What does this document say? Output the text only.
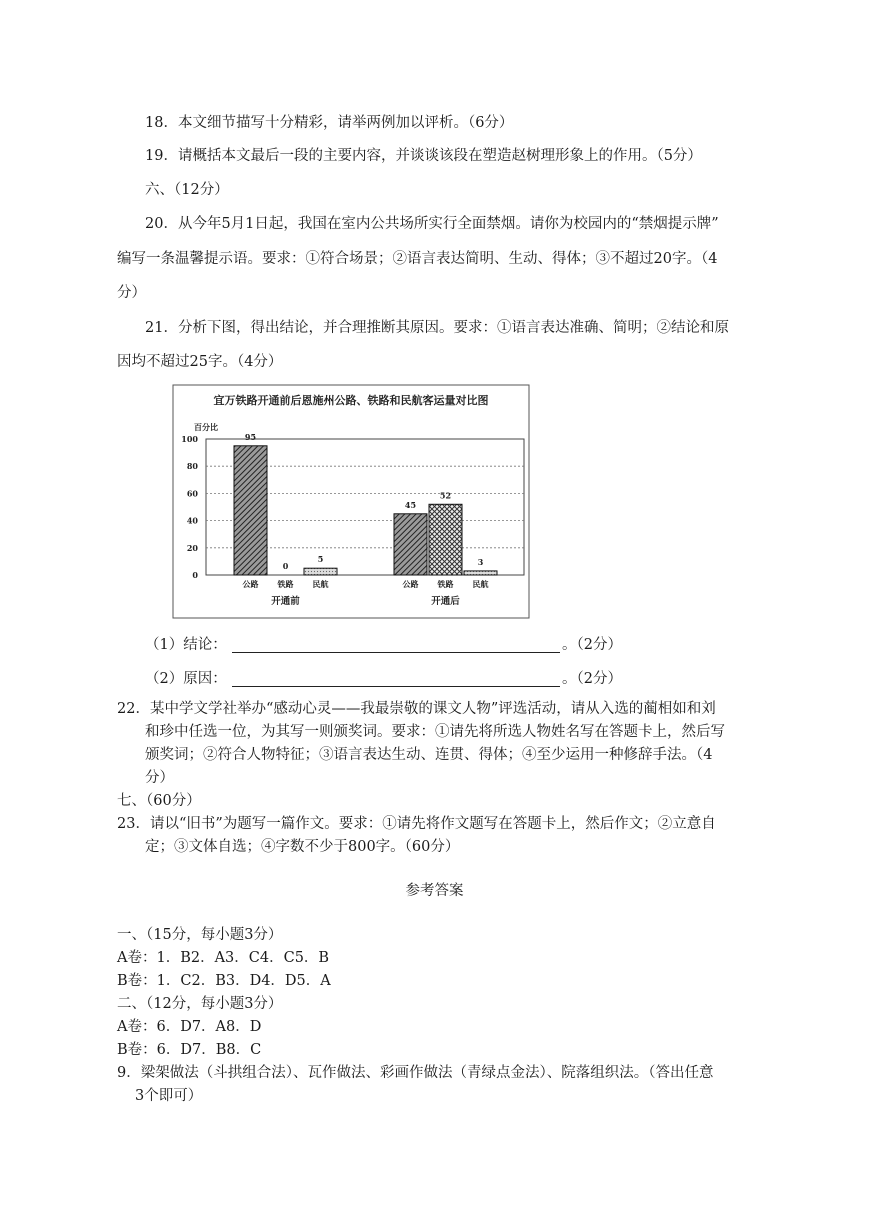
18．本文细节描写十分精彩，请举两例加以评析。（6分）
19．请概括本文最后一段的主要内容，并谈谈该段在塑造赵树理形象上的作用。（5分）
六、（12分）
20．从今年5月1日起，我国在室内公共场所实行全面禁烟。请你为校园内的“禁烟提示牌”
编写一条温馨提示语。要求：①符合场景；②语言表达简明、生动、得体；③不超过20字。（4
分）
21．分析下图，得出结论，并合理推断其原因。要求：①语言表达准确、简明；②结论和原
因均不超过25字。（4分）
宜万铁路开通前后恩施州公路、铁路和民航客运量对比图
百分比
0
20
40
60
80
100	95
公路
0
铁路
5
民航
开通前
45
公路
52
铁路
3
民航
开通后
（1）结论：	。（2分）
（2）原因：	。（2分）
22．某中学文学社举办“感动心灵——我最崇敬的课文人物”评选活动，请从入选的蔺相如和刘
和珍中任选一位，为其写一则颁奖词。要求：①请先将所选人物姓名写在答题卡上，然后写
颁奖词；②符合人物特征；③语言表达生动、连贯、得体；④至少运用一种修辞手法。（4
分）
七、（60分）
23．请以“旧书”为题写一篇作文。要求：①请先将作文题写在答题卡上，然后作文；②立意自
定；③文体自选；④字数不少于800字。（60分）
参考答案
一、（15分，每小题3分）
A卷：1．B2．A3．C4．C5．B
B卷：1．C2．B3．D4．D5．A
二、（12分，每小题3分）
A卷：6．D7．A8．D
B卷：6．D7．B8．C
9．梁架做法（斗拱组合法）、瓦作做法、彩画作做法（青绿点金法）、院落组织法。（答出任意
3个即可）
